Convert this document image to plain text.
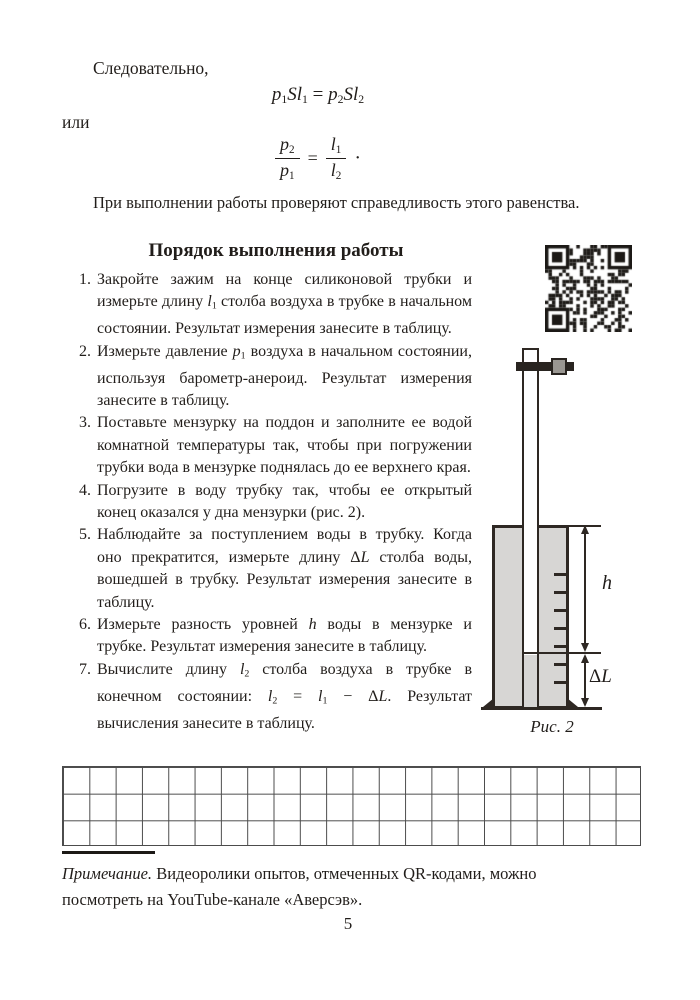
Следовательно,
$p_1Sl_1 = p_2Sl_2$
или
$\frac{p_2}{p_1} = \frac{l_1}{l_2}$ ·
При выполнении работы проверяют справедливость этого равенства.
Порядок выполнения работы
1. Закройте зажим на конце силиконовой трубки и измерьте длину $l_1$ столба воздуха в трубке в начальном состоянии. Результат измерения занесите в таблицу.
2. Измерьте давление $p_1$ воздуха в начальном состоянии, используя барометр-анероид. Результат измерения занесите в таблицу.
3. Поставьте мензурку на поддон и заполните ее водой комнатной температуры так, чтобы при погружении трубки вода в мензурке поднялась до ее верхнего края.
4. Погрузите в воду трубку так, чтобы ее открытый конец оказался у дна мензурки (рис. 2).
5. Наблюдайте за поступлением воды в трубку. Когда оно прекратится, измерьте длину ΔL столба воды, вошедшей в трубку. Результат измерения занесите в таблицу.
6. Измерьте разность уровней h воды в мензурке и трубке. Результат измерения занесите в таблицу.
7. Вычислите длину $l_2$ столба воздуха в трубке в конечном состоянии: $l_2 = l_1 - \Delta L$. Результат вычисления занесите в таблицу.
h
Δ L
Рис. 2
Примечание. Видеоролики опытов, отмеченных QR-кодами, можно посмотреть на YouTube-канале «Аверсэв».
5
